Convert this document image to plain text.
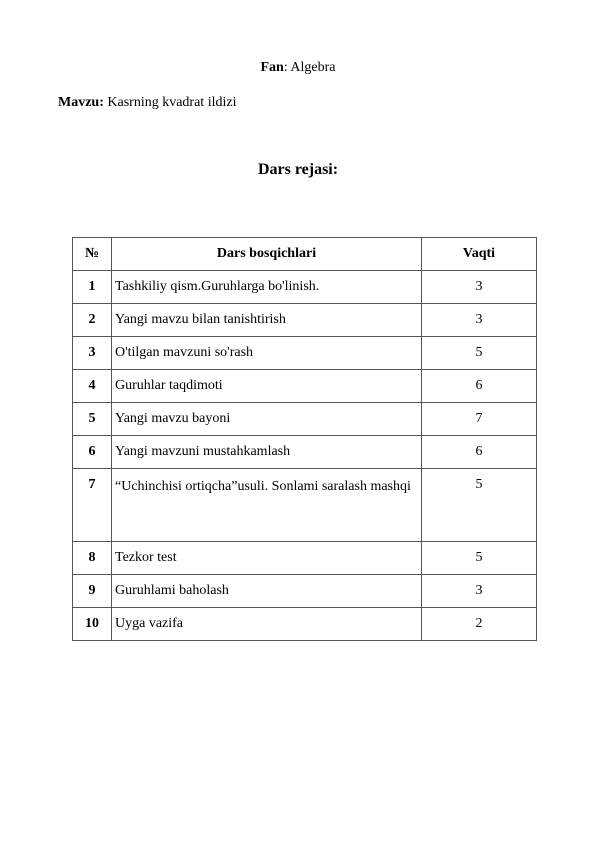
Fan: Algebra
Mavzu: Kasrning kvadrat ildizi
Dars rejasi:
№	Dars bosqichlari	Vaqti
1	Tashkiliy qism.Guruhlarga bo'linish.	3
2	Yangi mavzu bilan tanishtirish	3
3	O'tilgan mavzuni so'rash	5
4	Guruhlar taqdimoti	6
5	Yangi mavzu bayoni	7
6	Yangi mavzuni mustahkamlash	6
7	“Uchinchisi ortiqcha”usuli. Sonlami saralash mashqi	5
8	Tezkor test	5
9	Guruhlami baholash	3
10	Uyga vazifa	2
